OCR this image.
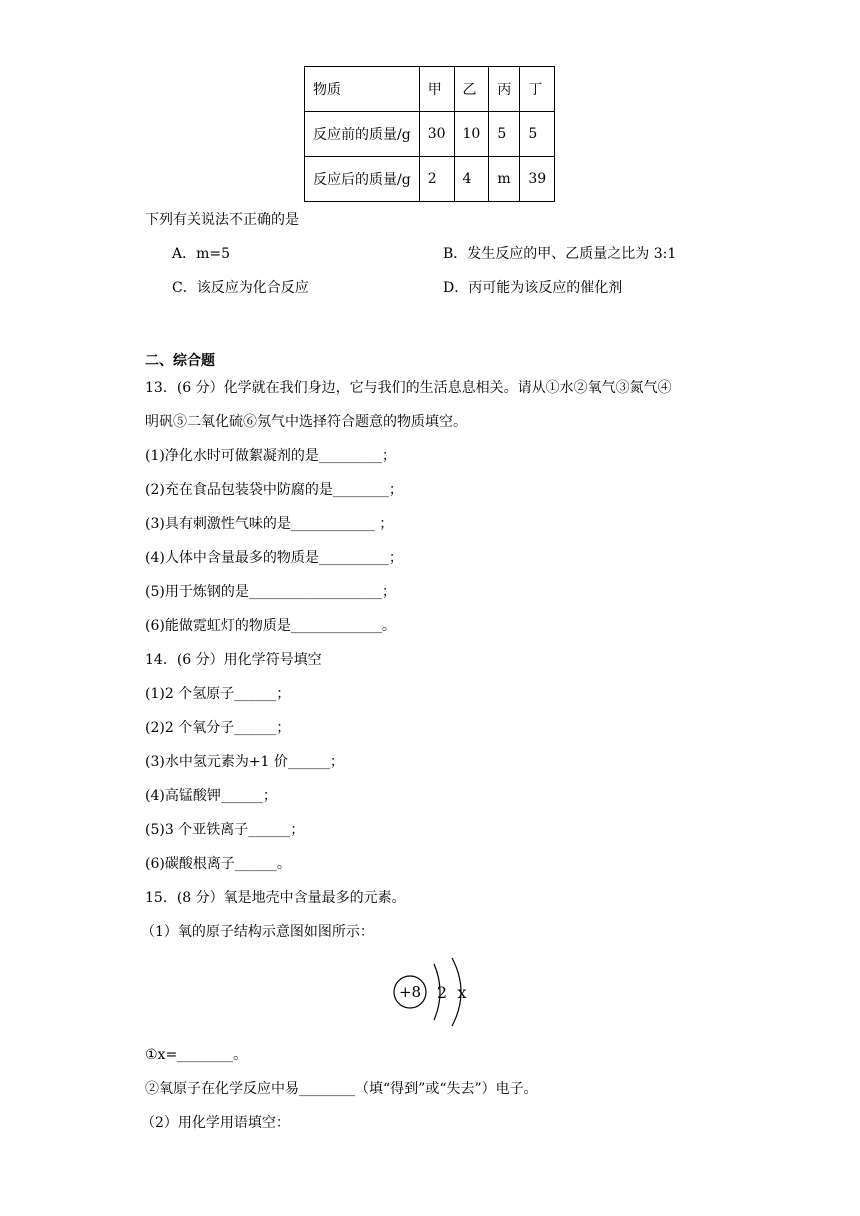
物质	甲	乙	丙	丁
反应前的质量/g	30	10	5	5
反应后的质量/g	2	4	m	39
下列有关说法不正确的是
A．m=5	B．发生反应的甲、乙质量之比为 3:1
C．该反应为化合反应	D．丙可能为该反应的催化剂
二、综合题
13．(6 分）化学就在我们身边，它与我们的生活息息相关。请从①水②氧气③氮气④
明矾⑤二氧化硫⑥氖气中选择符合题意的物质填空。
(1)净化水时可做絮凝剂的是_________；
(2)充在食品包装袋中防腐的是________；
(3)具有刺激性气味的是____________ ；
(4)人体中含量最多的物质是__________；
(5)用于炼钢的是___________________；
(6)能做霓虹灯的物质是_____________。
14．(6 分）用化学符号填空
(1)2 个氢原子______；
(2)2 个氧分子______；
(3)水中氢元素为+1 价______；
(4)高锰酸钾______；
(5)3 个亚铁离子______；
(6)碳酸根离子______。
15．(8 分）氧是地壳中含量最多的元素。
（1）氧的原子结构示意图如图所示：
+8 2 x
①x=________。
②氧原子在化学反应中易________（填“得到”或“失去”）电子。
（2）用化学用语填空：
